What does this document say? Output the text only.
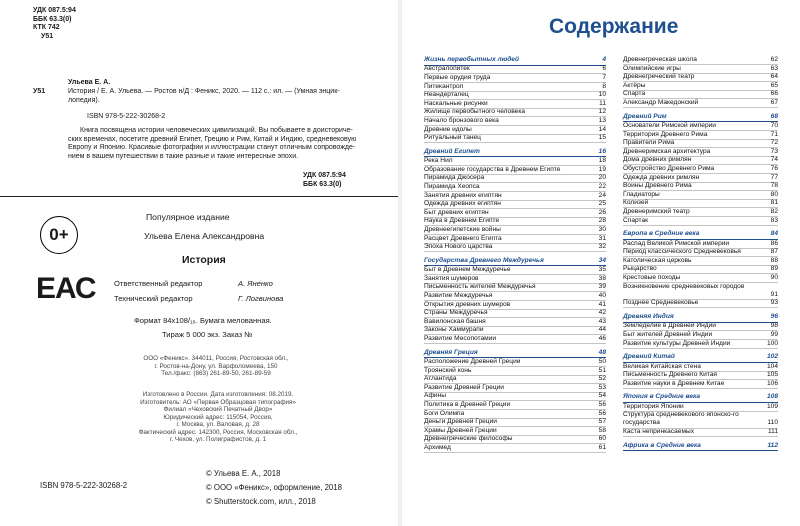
УДК 087.5:94
ББК 63.3(0)
КТК 742
У51
Ульева Е. А.
У51	История / Е. А. Ульева. — Ростов н/Д : Феникс, 2020. — 112 с.: ил. — (Умная энцик-
лопедия).
ISBN 978-5-222-30268-2
Книга посвящена истории человеческих цивилизаций. Вы побываете в доисториче-
ских временах, посетите древний Египет, Грецию и Рим, Китай и Индию, средневековую
Европу и Японию. Красивые фотографии и иллюстрации станут отличным сопровожде-
нием в вашем путешествии в такие разные и такие интересные эпохи.
УДК 087.5:94
ББК 63.3(0)
0+
ЕАС
Популярное издание
Ульева Елена Александровна
История
Ответственный редактор	А. Яненко
Технический редактор	Г. Логвинова
Формат 84x108/₁₆. Бумага мелованная.
Тираж 5 000 экз. Заказ №
ООО «Феникс». 344011, Россия, Ростовская обл.,
г. Ростов-на-Дону, ул. Варфоломеева, 150
Тел./факс: (863) 261-89-50, 261-89-59
Изготовлено в России. Дата изготовления: 08.2019.
Изготовитель: АО «Первая Образцовая типография»
Филиал «Чеховский Печатный Двор»
Юридический адрес: 115054, Россия,
г. Москва, ул. Валовая, д. 28
Фактический адрес: 142300, Россия, Московская обл.,
г. Чехов, ул. Полиграфистов, д. 1
ISBN 978-5-222-30268-2
© Ульева Е. А., 2018
© ООО «Феникс», оформление, 2018
© Shutterstock.com, илл., 2018
Содержание
Жизнь первобытных людей	4
Австралопитек	6
Первые орудия труда	7
Питекантроп	8
Неандерталец	10
Наскальные рисунки	11
Жилище первобытного человека	12
Начало бронзового века	13
Древние идолы	14
Ритуальный танец	15
Древний Египет	16
Река Нил	18
Образование государства в Древнем Египте	19
Пирамида Джосера	20
Пирамида Хеопса	22
Занятия древних египтян	24
Одежда древних египтян	25
Быт древних египтян	26
Наука в Древнем Египте	28
Древнеегипетские войны	30
Расцвет Древнего Египта	31
Эпоха Нового царства	32
Государства Древнего Междуречья	34
Быт в Древнем Междуречье	35
Занятия шумеров	38
Письменность жителей Междуречья	39
Развитие Междуречья	40
Открытия древних шумеров	41
Страны Междуречья	42
Вавилонская башня	43
Законы Хаммурапи	44
Развитие Месопотамии	46
Древняя Греция	48
Расположение Древней Греции	50
Троянский конь	51
Атлантида	52
Развитие Древней Греции	53
Афины	54
Политика в Древней Греции	56
Боги Олимпа	56
Деньги Древней Греции	57
Храмы Древней Греции	58
Древнегреческие философы	60
Архимед	61
Древнегреческая школа	62
Олимпийские игры	63
Древнегреческий театр	64
Актёры	65
Спарта	66
Александр Македонский	67
Древний Рим	68
Основатели Римской империи	70
Территория Древнего Рима	71
Правители Рима	72
Древнеримская архитектура	73
Дома древних римлян	74
Обустройство Древнего Рима	76
Одежда древних римлян	77
Воины Древнего Рима	78
Гладиаторы	80
Колизей	81
Древнеримский театр	82
Спартак	83
Европа в Средние века	84
Распад Великой Римской империи	86
Период классического Средневековья	87
Католическая церковь	88
Рыцарство	89
Крестовые походы	90
Возникновение средневековых городов
91
Позднее Средневековье	93
Древняя Индия	96
Земледелие в Древней Индии	98
Быт жителей Древней Индии	99
Развитие культуры Древней Индии	100
Древний Китай	102
Великая Китайская стена	104
Письменность Древнего Китая	105
Развитие науки в Древнем Китае	106
Япония в Средние века	108
Территория Японии	109
Структура средневекового японско-го государства	110
Каста непринкасаемых	111
Африка в Средние века	112
